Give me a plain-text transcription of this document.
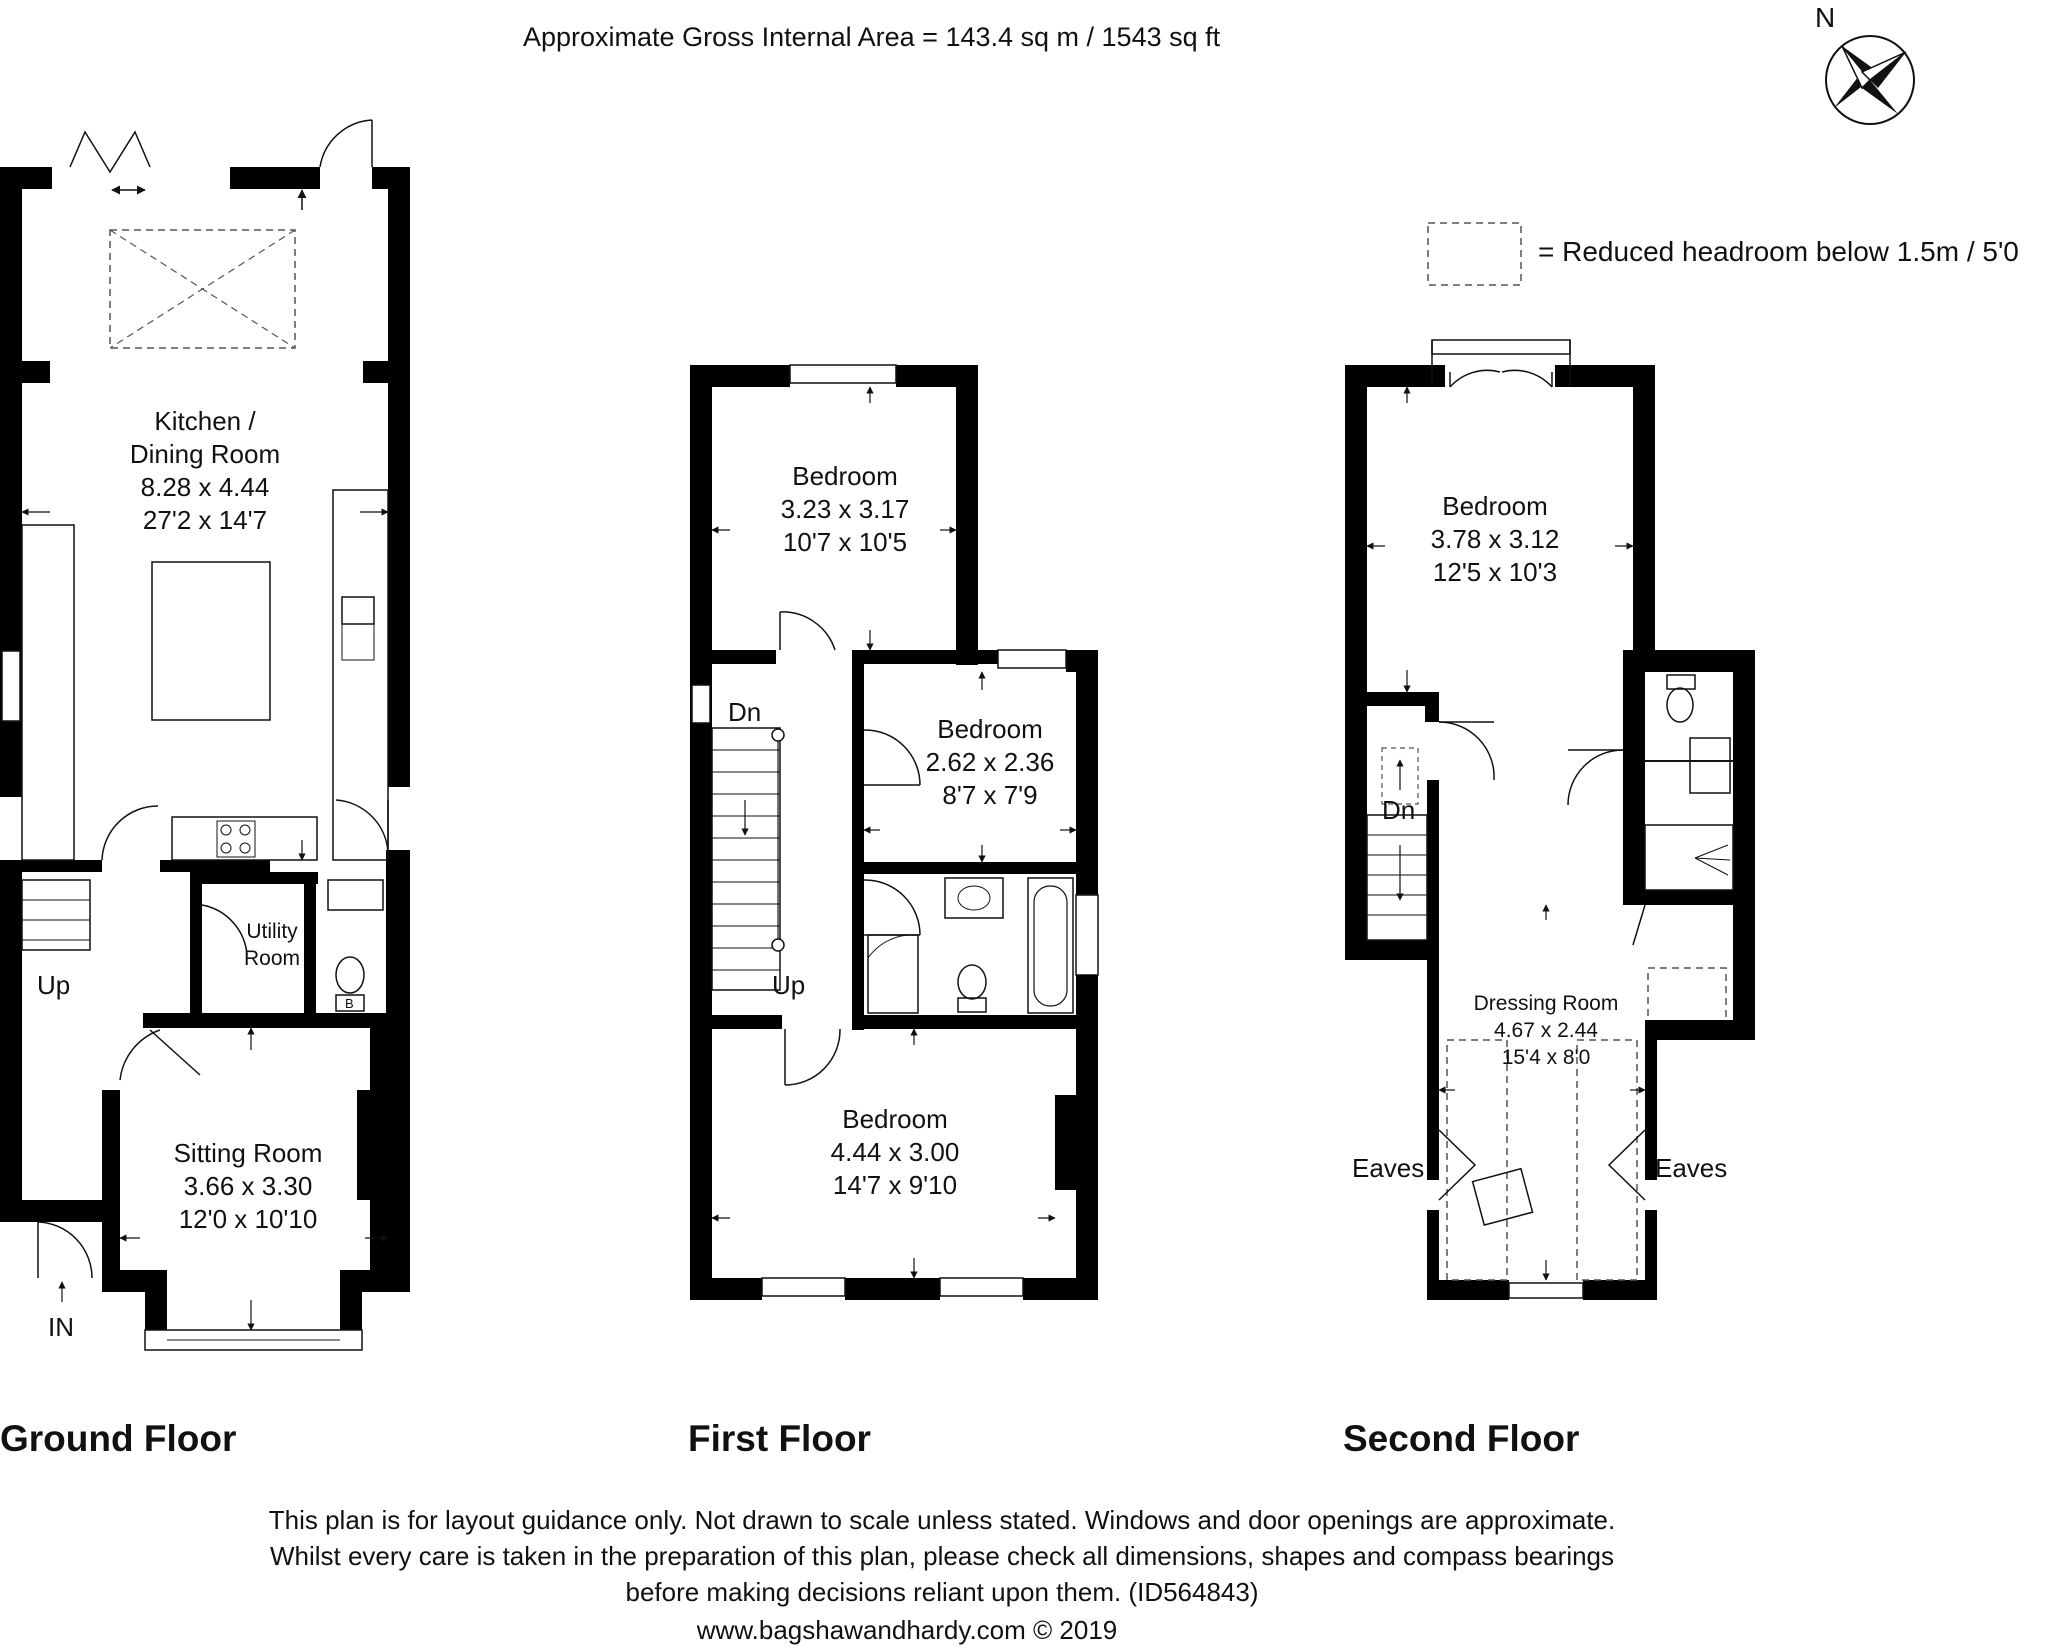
Approximate Gross Internal Area = 143.4 sq m / 1543 sq ft
N
= Reduced headroom below 1.5m / 5'0
Kitchen /
Dining Room
8.28 x 4.44
27'2 x 14'7
Utility
Room
B
Sitting Room
3.66 x 3.30
12'0 x 10'10
Up
IN
Ground Floor
Bedroom
3.23 x 3.17
10'7 x 10'5
Bedroom
2.62 x 2.36
8'7 x 7'9
Bedroom
4.44 x 3.00
14'7 x 9'10
Dn
Up
First Floor
Bedroom
3.78 x 3.12
12'5 x 10'3
Dressing Room
4.67 x 2.44
15'4 x 8'0
Dn
Eaves	Eaves
Second Floor
This plan is for layout guidance only. Not drawn to scale unless stated. Windows and door openings are approximate.
Whilst every care is taken in the preparation of this plan, please check all dimensions, shapes and compass bearings
before making decisions reliant upon them. (ID564843)
www.bagshawandhardy.com © 2019
